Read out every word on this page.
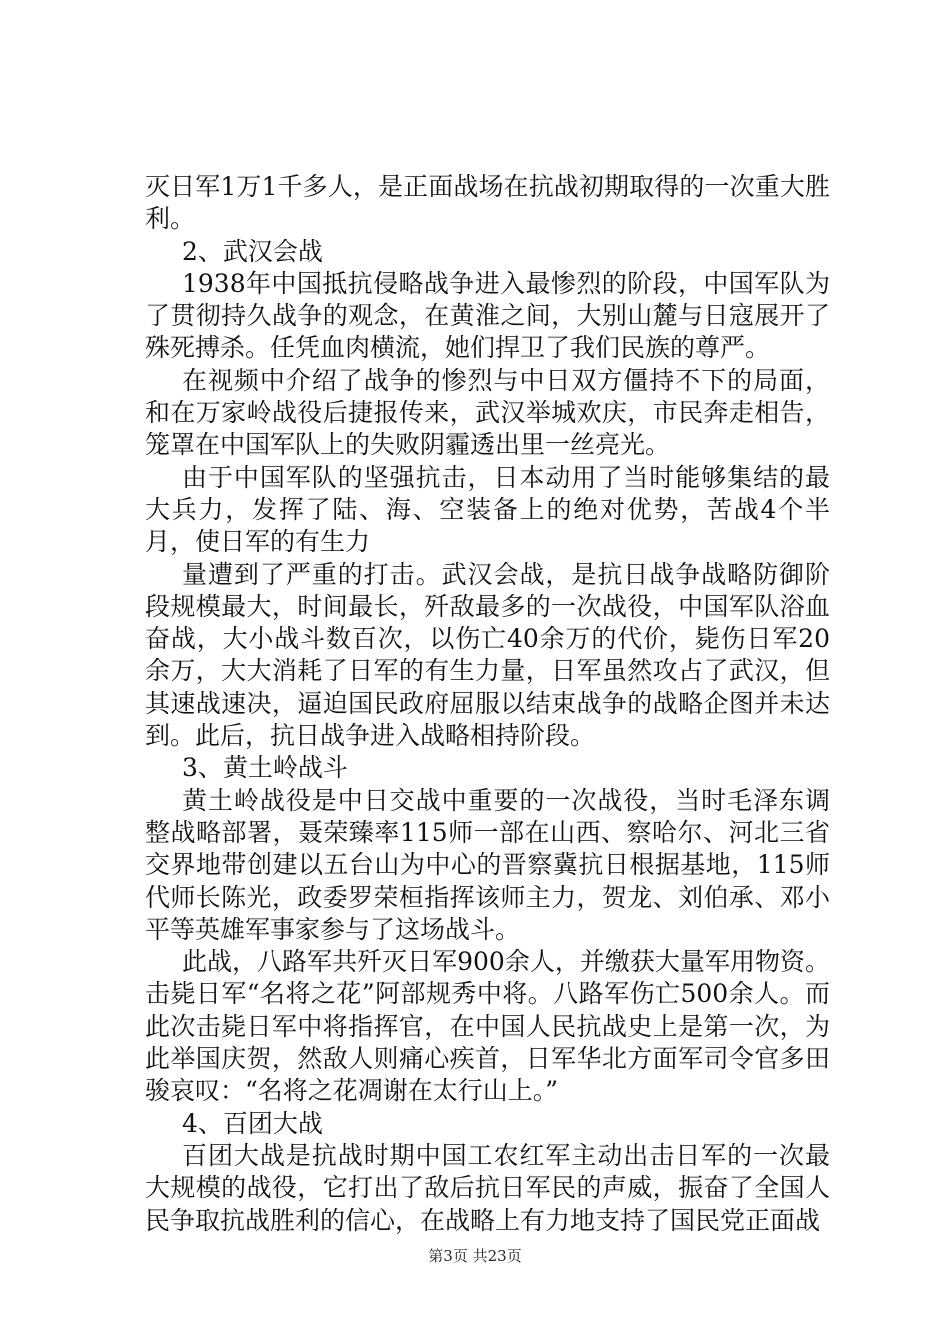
灭日军1万1千多人，是正面战场在抗战初期取得的一次重大胜利。

2、武汉会战

1938年中国抵抗侵略战争进入最惨烈的阶段，中国军队为了贯彻持久战争的观念，在黄淮之间，大别山麓与日寇展开了殊死搏杀。任凭血肉横流，她们捍卫了我们民族的尊严。

在视频中介绍了战争的惨烈与中日双方僵持不下的局面，和在万家岭战役后捷报传来，武汉举城欢庆，市民奔走相告，笼罩在中国军队上的失败阴霾透出里一丝亮光。

由于中国军队的坚强抗击，日本动用了当时能够集结的最大兵力，发挥了陆、海、空装备上的绝对优势，苦战4个半月，使日军的有生力

量遭到了严重的打击。武汉会战，是抗日战争战略防御阶段规模最大，时间最长，歼敌最多的一次战役，中国军队浴血奋战，大小战斗数百次，以伤亡40余万的代价，毙伤日军20余万，大大消耗了日军的有生力量，日军虽然攻占了武汉，但其速战速决，逼迫国民政府屈服以结束战争的战略企图并未达到。此后，抗日战争进入战略相持阶段。

3、黄土岭战斗

黄土岭战役是中日交战中重要的一次战役，当时毛泽东调整战略部署，聂荣臻率115师一部在山西、察哈尔、河北三省交界地带创建以五台山为中心的晋察冀抗日根据基地，115师代师长陈光，政委罗荣桓指挥该师主力，贺龙、刘伯承、邓小平等英雄军事家参与了这场战斗。

此战，八路军共歼灭日军900余人，并缴获大量军用物资。击毙日军“名将之花”阿部规秀中将。八路军伤亡500余人。而此次击毙日军中将指挥官，在中国人民抗战史上是第一次，为此举国庆贺，然敌人则痛心疾首，日军华北方面军司令官多田骏哀叹：“名将之花凋谢在太行山上。”

4、百团大战

百团大战是抗战时期中国工农红军主动出击日军的一次最大规模的战役，它打出了敌后抗日军民的声威，振奋了全国人民争取抗战胜利的信心，在战略上有力地支持了国民党正面战

第3页 共23页
